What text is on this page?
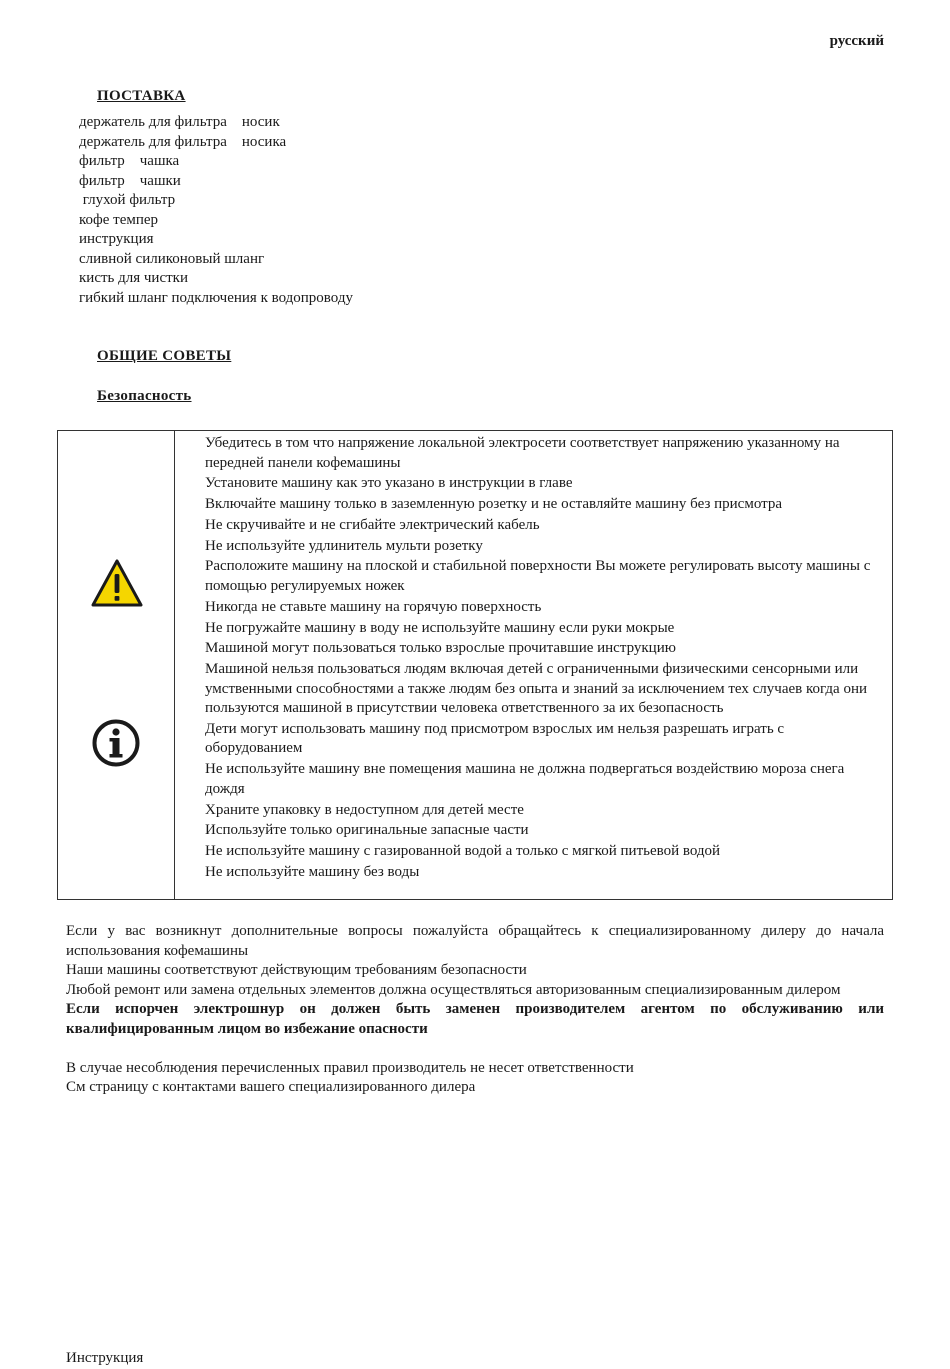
русский
ПОСТАВКА
держатель для фильтра    носик
держатель для фильтра    носика
фильтр    чашка
фильтр    чашки
глухой фильтр
кофе темпер
инструкция
сливной силиконовый шланг
кисть для чистки
гибкий шланг подключения к водопроводу
ОБЩИЕ СОВЕТЫ
Безопасность
Убедитесь в том что напряжение локальной электросети соответствует напряжению указанному на передней панели кофемашины
Установите машину как это указано в инструкции в главе
Включайте машину только в заземленную розетку и не оставляйте машину без присмотра
Не скручивайте и не сгибайте электрический кабель
Не используйте удлинитель мульти розетку
Расположите машину на плоской и стабильной поверхности Вы можете регулировать высоту машины с помощью регулируемых ножек
Никогда не ставьте машину на горячую поверхность
Не погружайте машину в воду не используйте машину если руки мокрые
Машиной могут пользоваться только взрослые прочитавшие инструкцию
Машиной нельзя пользоваться людям включая детей с ограниченными физическими сенсорными или умственными способностями а также людям без опыта и знаний за исключением тех случаев когда они пользуются машиной в присутствии человека ответственного за их безопасность
Дети могут использовать машину под присмотром взрослых им нельзя разрешать играть с оборудованием
Не используйте машину вне помещения машина не должна подвергаться воздействию мороза снега дождя
Храните упаковку в недоступном для детей месте
Используйте только оригинальные запасные части
Не используйте машину с газированной водой а только с мягкой питьевой водой
Не используйте машину без воды

Если у вас возникнут дополнительные вопросы пожалуйста обращайтесь к специализированному дилеру до начала использования кофемашины

Наши машины соответствуют действующим требованиям безопасности

Любой ремонт или замена отдельных элементов должна осуществляться авторизованным специализированным дилером

Если испорчен электрошнур он должен быть заменен производителем агентом по обслуживанию или квалифицированным лицом во избежание опасности

В случае несоблюдения перечисленных правил производитель не несет ответственности

См страницу с контактами вашего специализированного дилера

Инструкция
